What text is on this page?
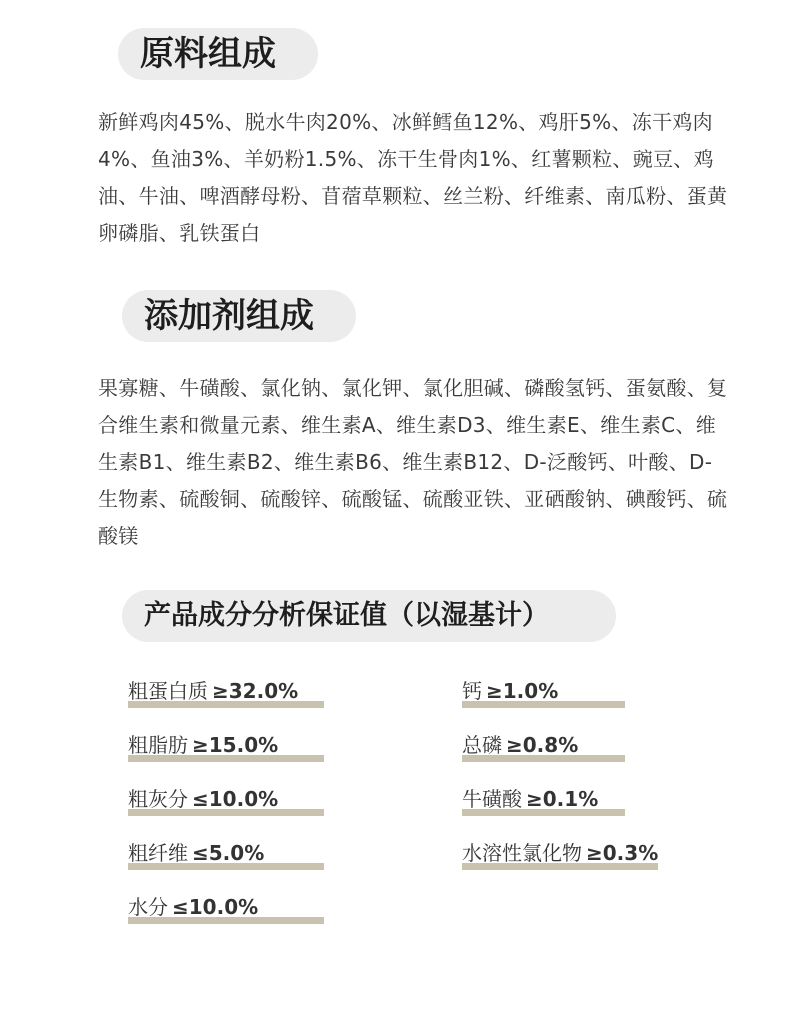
原料组成

新鲜鸡肉45%、脱水牛肉20%、冰鲜鳕鱼12%、鸡肝5%、冻干鸡肉4%、鱼油3%、羊奶粉1.5%、冻干生骨肉1%、红薯颗粒、豌豆、鸡油、牛油、啤酒酵母粉、苜蓿草颗粒、丝兰粉、纤维素、南瓜粉、蛋黄卵磷脂、乳铁蛋白

添加剂组成

果寡糖、牛磺酸、氯化钠、氯化钾、氯化胆碱、磷酸氢钙、蛋氨酸、复合维生素和微量元素、维生素A、维生素D3、维生素E、维生素C、维生素B1、维生素B2、维生素B6、维生素B12、D-泛酸钙、叶酸、D-生物素、硫酸铜、硫酸锌、硫酸锰、硫酸亚铁、亚硒酸钠、碘酸钙、硫酸镁

产品成分分析保证值（以湿基计）
粗蛋白质 ≥32.0%
粗脂肪 ≥15.0%
粗灰分 ≤10.0%
粗纤维 ≤5.0%
水分 ≤10.0%
钙 ≥1.0%
总磷 ≥0.8%
牛磺酸 ≥0.1%
水溶性氯化物 ≥0.3%
